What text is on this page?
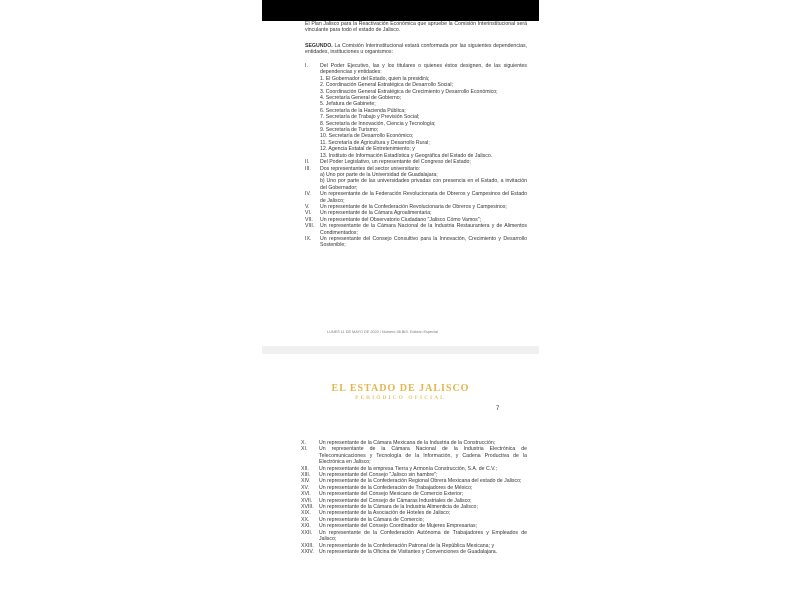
El Plan Jalisco para la Reactivación Económica que apruebe la Comisión Interinstitucional será vinculante para todo el estado de Jalisco.
SEGUNDO. La Comisión Interinstitucional estará conformada por las siguientes dependencias, entidades, instituciones u organismos:
I.	Del Poder Ejecutivo, las y los titulares o quienes éstos designen, de las siguientes dependencias y entidades:
1. El Gobernador del Estado, quien la presidirá;
2. Coordinación General Estratégica de Desarrollo Social;
3. Coordinación General Estratégica de Crecimiento y Desarrollo Económico;
4. Secretaría General de Gobierno;
5. Jefatura de Gabinete;
6. Secretaría de la Hacienda Pública;
7. Secretaría de Trabajo y Previsión Social;
8. Secretaría de Innovación, Ciencia y Tecnología;
9. Secretaría de Turismo;
10. Secretaría de Desarrollo Económico;
11. Secretaría de Agricultura y Desarrollo Rural;
12. Agencia Estatal de Entretenimiento; y
13. Instituto de Información Estadística y Geográfica del Estado de Jalisco.
II.	Del Poder Legislativo, un representante del Congreso del Estado;
III.	Dos representantes del sector universitario:
a) Uno por parte de la Universidad de Guadalajara;
b) Uno por parte de las universidades privadas con presencia en el Estado, a invitación del Gobernador;
IV.	Un representante de la Federación Revolucionaria de Obreros y Campesinos del Estado de Jalisco;
V.	Un representante de la Confederación Revolucionaria de Obreros y Campesinos;
VI.	Un representante de la Cámara Agroalimentaria;
VII.	Un representante del Observatorio Ciudadano "Jalisco Cómo Vamos";
VIII.	Un representante de la Cámara Nacional de la Industria Restaurantera y de Alimentos Condimentados;
IX.	Un representante del Consejo Consultivo para la Innovación, Crecimiento y Desarrollo Sostenible;
LUNES 11 DE MAYO DE 2020 / Número 38 BIS. Edición Especial
EL ESTADO DE JALISCO
PERIÓDICO OFICIAL
7
X.	Un representante de la Cámara Mexicana de la Industria de la Construcción;
XI.	Un representante de la Cámara Nacional de la Industria Electrónica de Telecomunicaciones y Tecnología de la Información, y Cadena Productiva de la Electrónica en Jalisco;
XII.	Un representante de la empresa Tierra y Armonía Construcción, S.A. de C.V.;
XIII.	Un representante del Consejo "Jalisco sin hambre";
XIV.	Un representante de la Confederación Regional Obrera Mexicana del estado de Jalisco;
XV.	Un representante de la Confederación de Trabajadores de México;
XVI.	Un representante del Consejo Mexicano de Comercio Exterior;
XVII.	Un representante del Consejo de Cámaras Industriales de Jalisco;
XVIII.	Un representante de la Cámara de la Industria Alimenticia de Jalisco;
XIX.	Un representante de la Asociación de Hoteles de Jalisco;
XX.	Un representante de la Cámara de Comercio;
XXI.	Un representante del Consejo Coordinador de Mujeres Empresarias;
XXII.	Un representante de la Confederación Autónoma de Trabajadores y Empleados de Jalisco;
XXIII.	Un representante de la Confederación Patronal de la República Mexicana; y
XXIV.	Un representante de la Oficina de Visitantes y Convenciones de Guadalajara.
